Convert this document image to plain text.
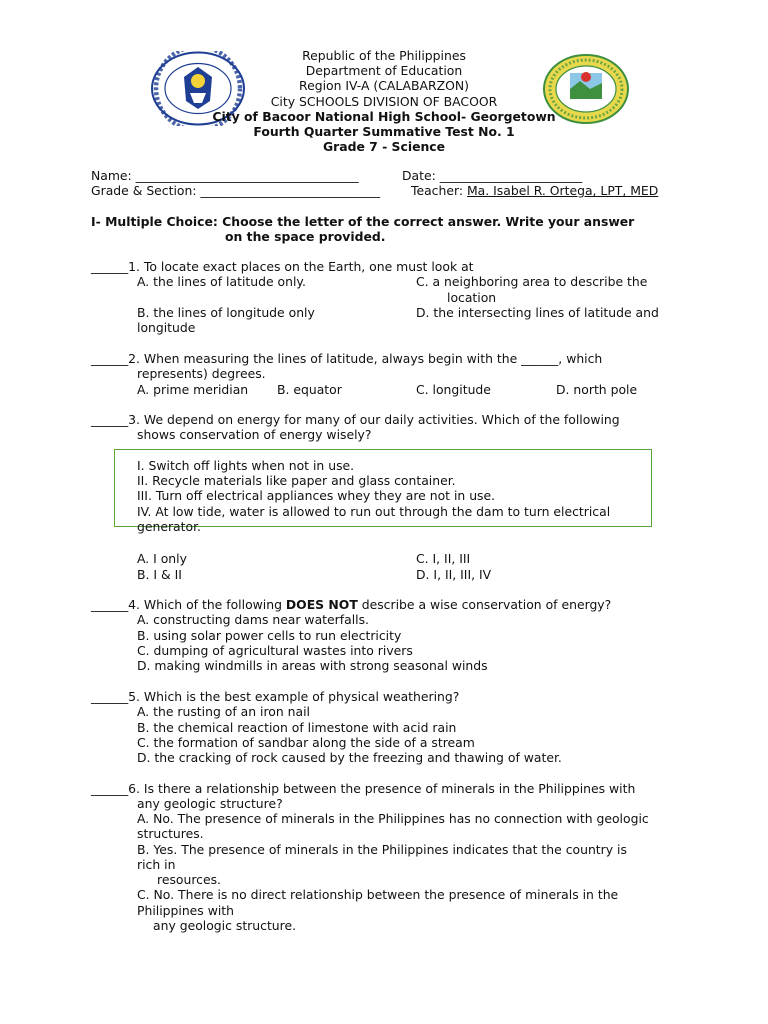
Republic of the Philippines
Department of Education
Region IV-A (CALABARZON)
City SCHOOLS DIVISION OF BACOOR
City of Bacoor National High School- Georgetown
Fourth Quarter Summative Test No. 1
Grade 7 - Science
Name: ____________________________________	Date: _______________________
Grade & Section: _____________________________ Teacher: Ma. Isabel R. Ortega, LPT, MED
I- Multiple Choice: Choose the letter of the correct answer. Write your answer
on the space provided.
______1. To locate exact places on the Earth, one must look at
A. the lines of latitude only.	C. a neighboring area to describe the
location
B. the lines of longitude only	D. the intersecting lines of latitude and
longitude
______2. When measuring the lines of latitude, always begin with the ______, which
represents) degrees.
A. prime meridian B. equator	C. longitude	D. north pole
______3. We depend on energy for many of our daily activities. Which of the following
shows conservation of energy wisely?
I. Switch off lights when not in use.
II. Recycle materials like paper and glass container.
III. Turn off electrical appliances whey they are not in use.
IV. At low tide, water is allowed to run out through the dam to turn electrical
generator.
A. I only	C. I, II, III
B. I & II	D. I, II, III, IV
______4. Which of the following DOES NOT describe a wise conservation of energy?
A. constructing dams near waterfalls.
B. using solar power cells to run electricity
C. dumping of agricultural wastes into rivers
D. making windmills in areas with strong seasonal winds
______5. Which is the best example of physical weathering?
A. the rusting of an iron nail
B. the chemical reaction of limestone with acid rain
C. the formation of sandbar along the side of a stream
D. the cracking of rock caused by the freezing and thawing of water.
______6. Is there a relationship between the presence of minerals in the Philippines with
any geologic structure?
A. No. The presence of minerals in the Philippines has no connection with geologic
structures.
B. Yes. The presence of minerals in the Philippines indicates that the country is
rich in
resources.
C. No. There is no direct relationship between the presence of minerals in the
Philippines with
any geologic structure.
